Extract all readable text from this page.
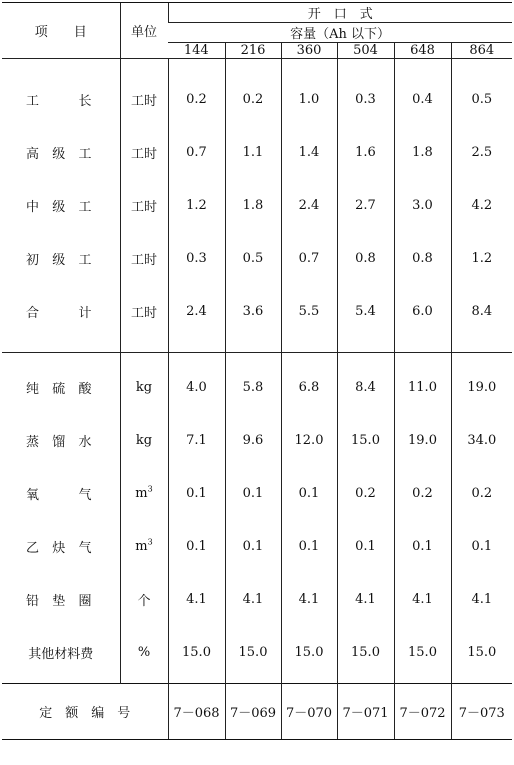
项　　目	单位	开　口　式					
		容量（Ah 以下）					
		144	216	360	504	648	864

工 长	工时	0.2	0.2	1.0	0.3	0.4	0.5

高 级 工	工时	0.7	1.1	1.4	1.6	1.8	2.5

中 级 工	工时	1.2	1.8	2.4	2.7	3.0	4.2

初 级 工	工时	0.3	0.5	0.7	0.8	0.8	1.2

合 计	工时	2.4	3.6	5.5	5.4	6.0	8.4

纯 硫 酸	kg	4.0	5.8	6.8	8.4	11.0	19.0

蒸 馏 水	kg	7.1	9.6	12.0	15.0	19.0	34.0

氧 气	$m^3$	0.1	0.1	0.1	0.2	0.2	0.2

乙 炔 气	$m^3$	0.1	0.1	0.1	0.1	0.1	0.1

铅 垫 圈	个	4.1	4.1	4.1	4.1	4.1	4.1

其他材料费	%	15.0	15.0	15.0	15.0	15.0	15.0

定　额　编　号		7－068	7－069	7－070	7－071	7－072	7－073
